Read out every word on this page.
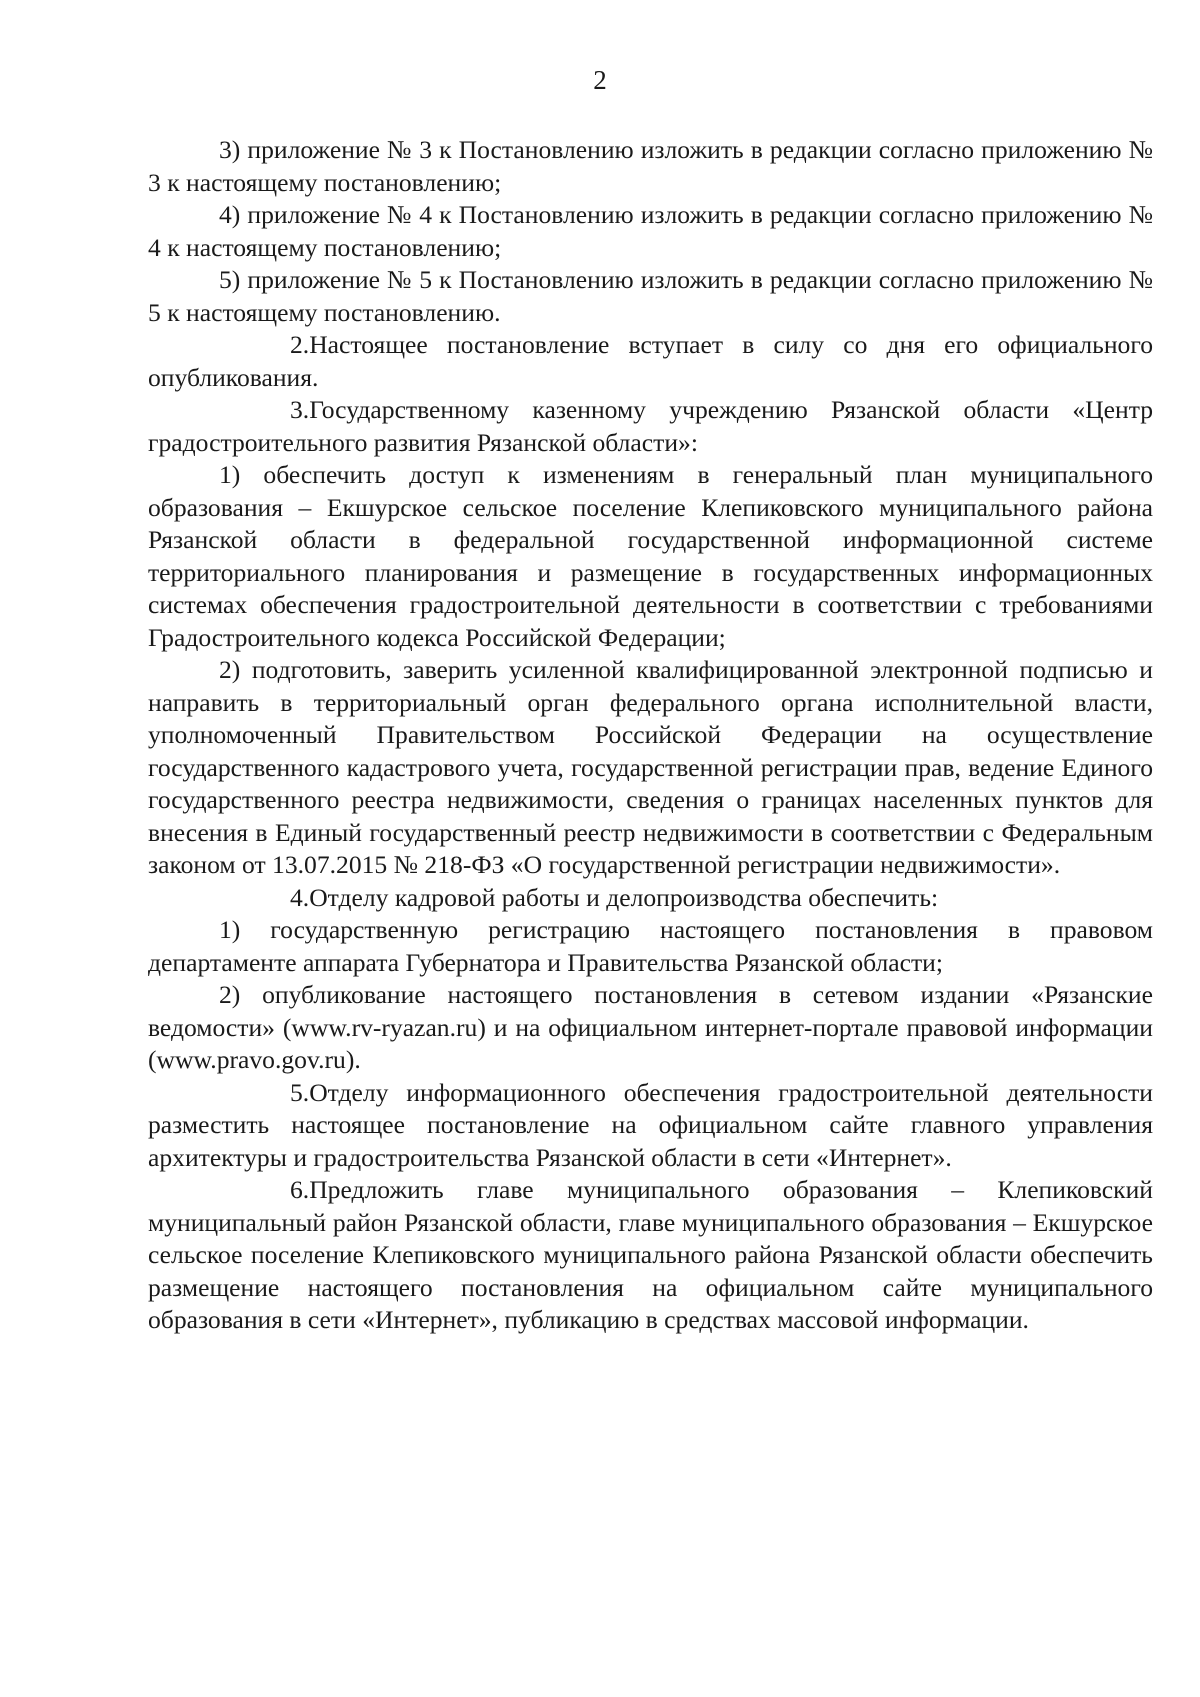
2

3) приложение № 3 к Постановлению изложить в редакции согласно приложению № 3 к настоящему постановлению;

4) приложение № 4 к Постановлению изложить в редакции согласно приложению № 4 к настоящему постановлению;

5) приложение № 5 к Постановлению изложить в редакции согласно приложению № 5 к настоящему постановлению.

2.Настоящее постановление вступает в силу со дня его официального опубликования.

3.Государственному казенному учреждению Рязанской области «Центр градостроительного развития Рязанской области»:

1) обеспечить доступ к изменениям в генеральный план муниципального образования – Екшурское сельское поселение Клепиковского муниципального района Рязанской области в федеральной государственной информационной системе территориального планирования и размещение в государственных информационных системах обеспечения градостроительной деятельности в соответствии с требованиями Градостроительного кодекса Российской Федерации;

2) подготовить, заверить усиленной квалифицированной электронной подписью и направить в территориальный орган федерального органа исполнительной власти, уполномоченный Правительством Российской Федерации на осуществление государственного кадастрового учета, государственной регистрации прав, ведение Единого государственного реестра недвижимости, сведения о границах населенных пунктов для внесения в Единый государственный реестр недвижимости в соответствии с Федеральным законом от 13.07.2015 № 218-ФЗ «О государственной регистрации недвижимости».

4.Отделу кадровой работы и делопроизводства обеспечить:

1) государственную регистрацию настоящего постановления в правовом департаменте аппарата Губернатора и Правительства Рязанской области;

2) опубликование настоящего постановления в сетевом издании «Рязанские ведомости» (www.rv-ryazan.ru) и на официальном интернет-портале правовой информации (www.pravo.gov.ru).

5.Отделу информационного обеспечения градостроительной деятельности разместить настоящее постановление на официальном сайте главного управления архитектуры и градостроительства Рязанской области в сети «Интернет».

6.Предложить главе муниципального образования – Клепиковский муниципальный район Рязанской области, главе муниципального образования – Екшурское сельское поселение Клепиковского муниципального района Рязанской области обеспечить размещение настоящего постановления на официальном сайте муниципального образования в сети «Интернет», публикацию в средствах массовой информации.
